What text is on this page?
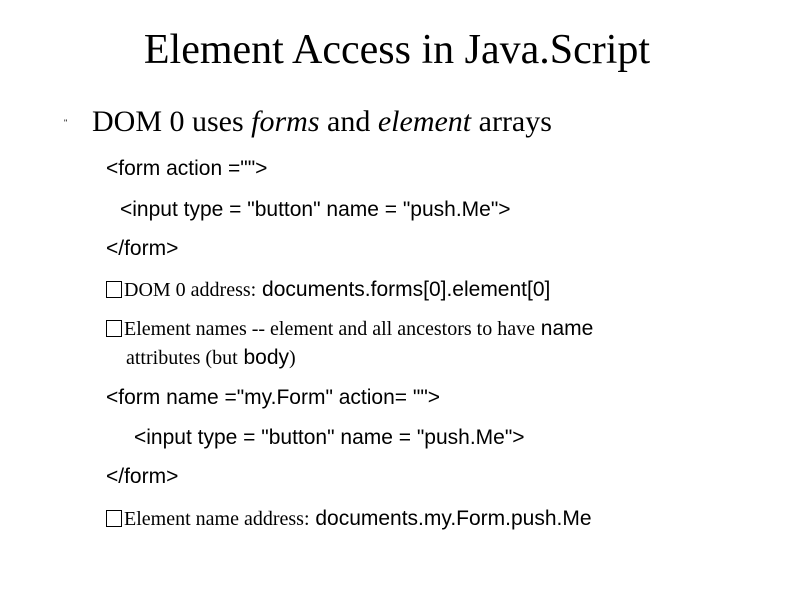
Element Access in Java.Script
" DOM 0 uses forms and element arrays
<form action ="">
<input type = "button" name = "push.Me">
</form>
DOM 0 address: documents.forms[0].element[0]
Element names -- element and all ancestors to have name
attributes (but body)
<form name ="my.Form" action= "">
<input type = "button" name = "push.Me">
</form>
Element name address: documents.my.Form.push.Me
